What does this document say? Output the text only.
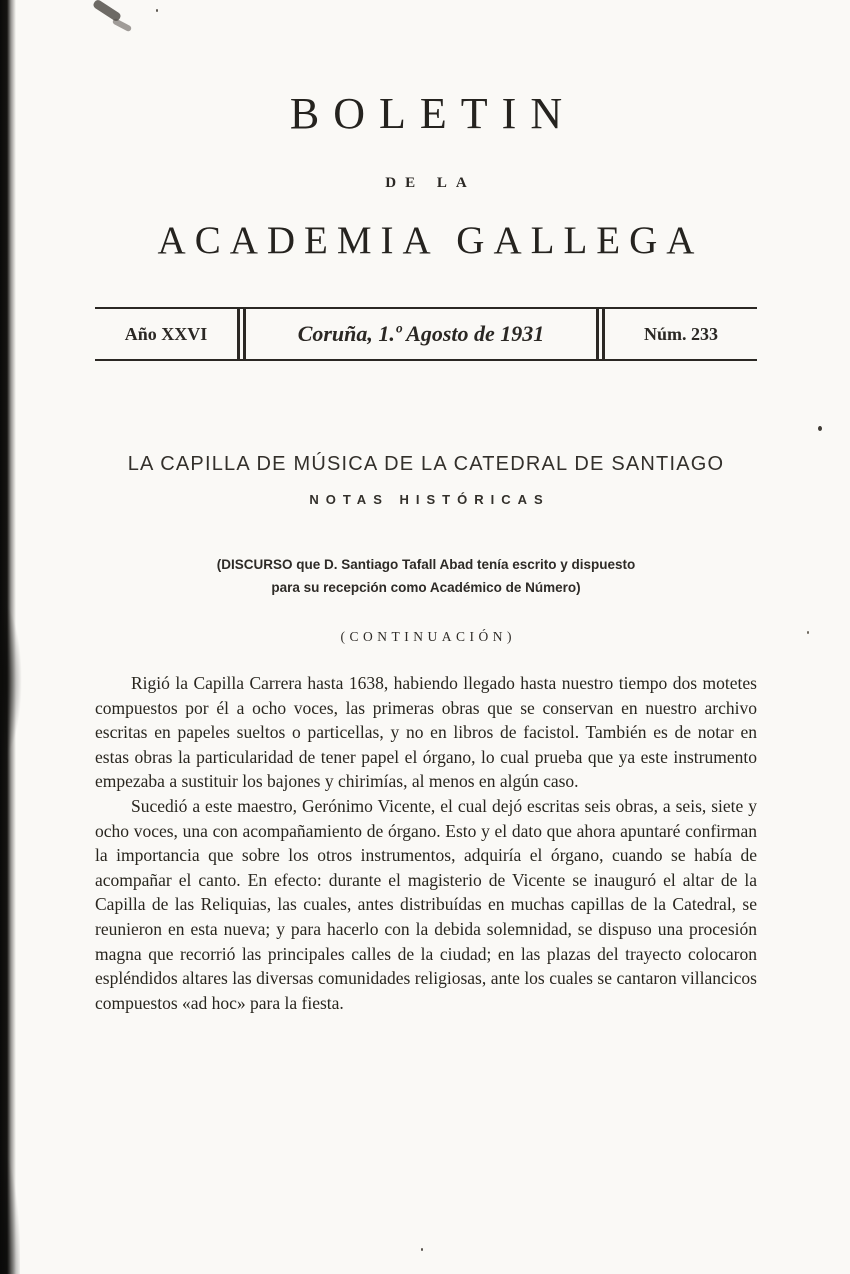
BOLETIN
DE LA
ACADEMIA GALLEGA
Año XXVI	Coruña, 1.º Agosto de 1931	Núm. 233
LA CAPILLA DE MÚSICA DE LA CATEDRAL DE SANTIAGO
NOTAS HISTÓRICAS
(DISCURSO que D. Santiago Tafall Abad tenía escrito y dispuesto
para su recepción como Académico de Número)
(CONTINUACIÓN)

Rigió la Capilla Carrera hasta 1638, habiendo llegado hasta nuestro tiempo dos motetes compuestos por él a ocho voces, las primeras obras que se conservan en nuestro archivo escritas en papeles sueltos o particellas, y no en libros de facistol. También es de notar en estas obras la particularidad de tener papel el órgano, lo cual prueba que ya este instrumento empezaba a sustituir los bajones y chirimías, al menos en algún caso.

Sucedió a este maestro, Gerónimo Vicente, el cual dejó escritas seis obras, a seis, siete y ocho voces, una con acompañamiento de órgano. Esto y el dato que ahora apuntaré confirman la importancia que sobre los otros instrumentos, adquiría el órgano, cuando se había de acompañar el canto. En efecto: durante el magisterio de Vicente se inauguró el altar de la Capilla de las Reliquias, las cuales, antes distribuídas en muchas capillas de la Catedral, se reunieron en esta nueva; y para hacerlo con la debida solemnidad, se dispuso una procesión magna que recorrió las principales calles de la ciudad; en las plazas del trayecto colocaron espléndidos altares las diversas comunidades religiosas, ante los cuales se cantaron villancicos compuestos «ad hoc» para la fiesta.
